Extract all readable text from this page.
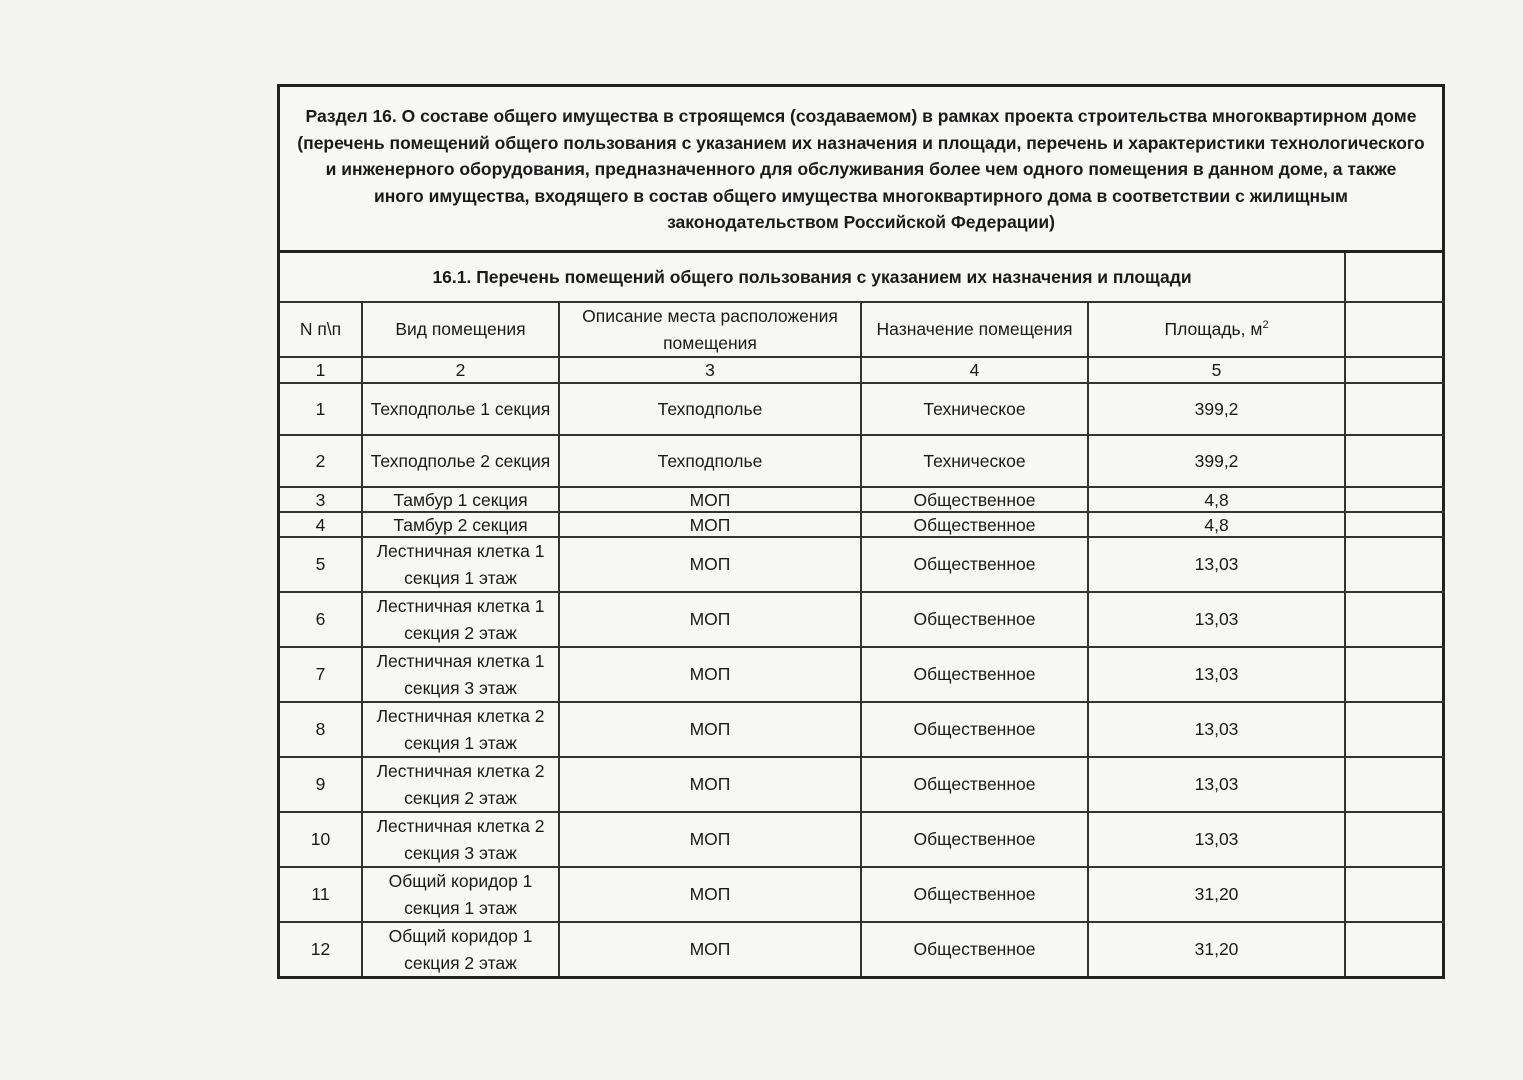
Раздел 16. О составе общего имущества в строящемся (создаваемом) в рамках проекта строительства многоквартирном доме
(перечень помещений общего пользования с указанием их назначения и площади, перечень и характеристики технологического
и инженерного оборудования, предназначенного для обслуживания более чем одного помещения в данном доме, а также
иного имущества, входящего в состав общего имущества многоквартирного дома в соответствии с жилищным
законодательством Российской Федерации)
16.1. Перечень помещений общего пользования с указанием их назначения и площади					
N п\п	Вид помещения	Описание места расположения помещения	Назначение помещения	Площадь, $м^2$	
1	2	3	4	5	
1	Техподполье 1 секция	Техподполье	Техническое	399,2	
2	Техподполье 2 секция	Техподполье	Техническое	399,2	
3	Тамбур 1 секция	МОП	Общественное	4,8	
4	Тамбур 2 секция	МОП	Общественное	4,8	
5	Лестничная клетка 1 секция 1 этаж	МОП	Общественное	13,03	
6	Лестничная клетка 1 секция 2 этаж	МОП	Общественное	13,03	
7	Лестничная клетка 1 секция 3 этаж	МОП	Общественное	13,03	
8	Лестничная клетка 2 секция 1 этаж	МОП	Общественное	13,03	
9	Лестничная клетка 2 секция 2 этаж	МОП	Общественное	13,03	
10	Лестничная клетка 2 секция 3 этаж	МОП	Общественное	13,03	
11	Общий коридор 1 секция 1 этаж	МОП	Общественное	31,20	
12	Общий коридор 1 секция 2 этаж	МОП	Общественное	31,20	
